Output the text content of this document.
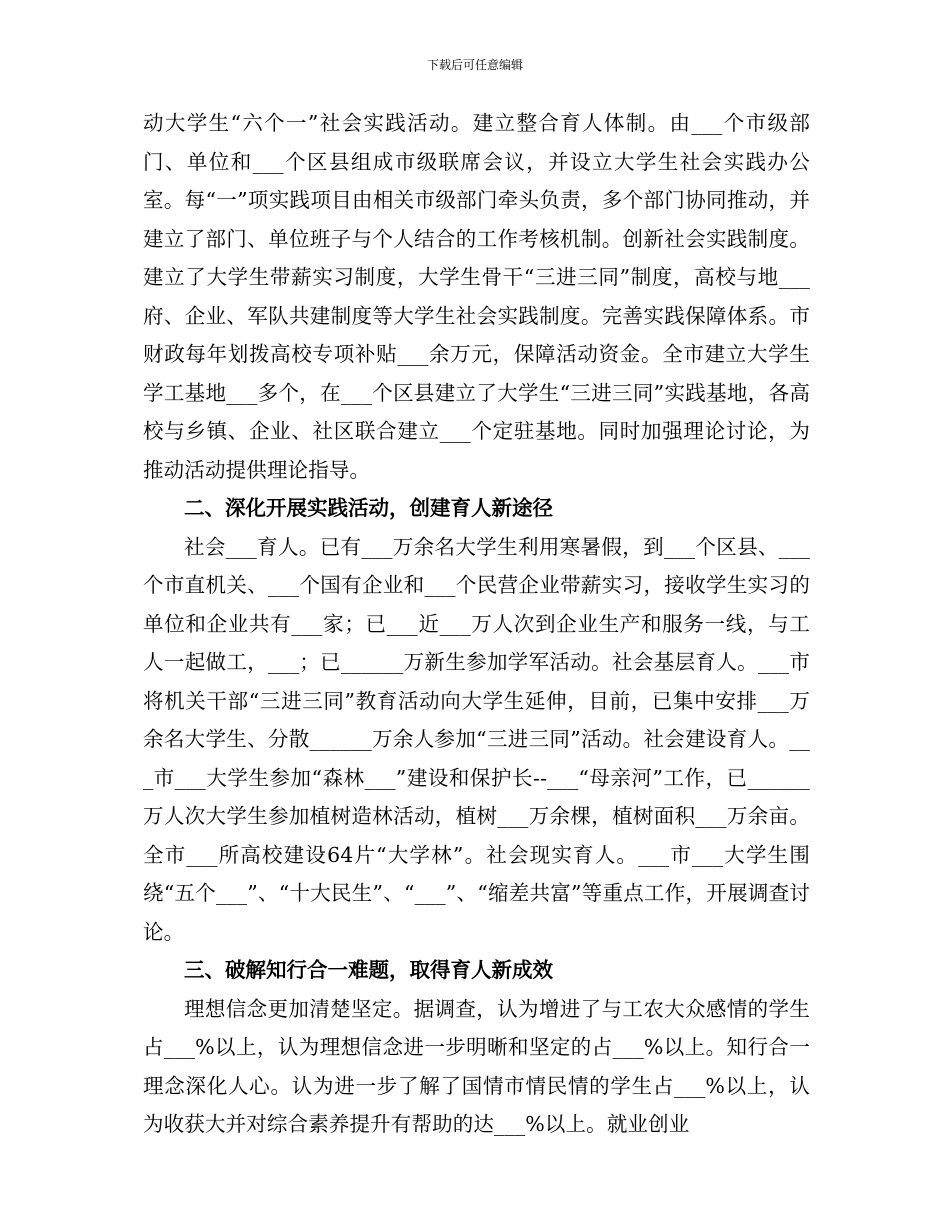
下载后可任意编辑

动大学生“六个一”社会实践活动。建立整合育人体制。由___个市级部门、单位和___个区县组成市级联席会议，并设立大学生社会实践办公室。每“一”项实践项目由相关市级部门牵头负责，多个部门协同推动，并建立了部门、单位班子与个人结合的工作考核机制。创新社会实践制度。建立了大学生带薪实习制度，大学生骨干“三进三同”制度，高校与地___府、企业、军队共建制度等大学生社会实践制度。完善实践保障体系。市财政每年划拨高校专项补贴___余万元，保障活动资金。全市建立大学生学工基地___多个，在___个区县建立了大学生“三进三同”实践基地，各高校与乡镇、企业、社区联合建立___个定驻基地。同时加强理论讨论，为推动活动提供理论指导。

二、深化开展实践活动，创建育人新途径

社会___育人。已有___万余名大学生利用寒暑假，到___个区县、___个市直机关、___个国有企业和___个民营企业带薪实习，接收学生实习的单位和企业共有___家；已___近___万人次到企业生产和服务一线，与工人一起做工，___；已______万新生参加学军活动。社会基层育人。___市将机关干部“三进三同”教育活动向大学生延伸，目前，已集中安排___万余名大学生、分散______万余人参加“三进三同”活动。社会建设育人。___市___大学生参加“森林___”建设和保护长--___“母亲河”工作，已______万人次大学生参加植树造林活动，植树___万余棵，植树面积___万余亩。全市___所高校建设64片“大学林”。社会现实育人。___市___大学生围绕“五个___”、“十大民生”、“___”、“缩差共富”等重点工作，开展调查讨论。

三、破解知行合一难题，取得育人新成效

理想信念更加清楚坚定。据调查，认为增进了与工农大众感情的学生占___%以上，认为理想信念进一步明晰和坚定的占___%以上。知行合一理念深化人心。认为进一步了解了国情市情民情的学生占___%以上，认为收获大并对综合素养提升有帮助的达___%以上。就业创业
